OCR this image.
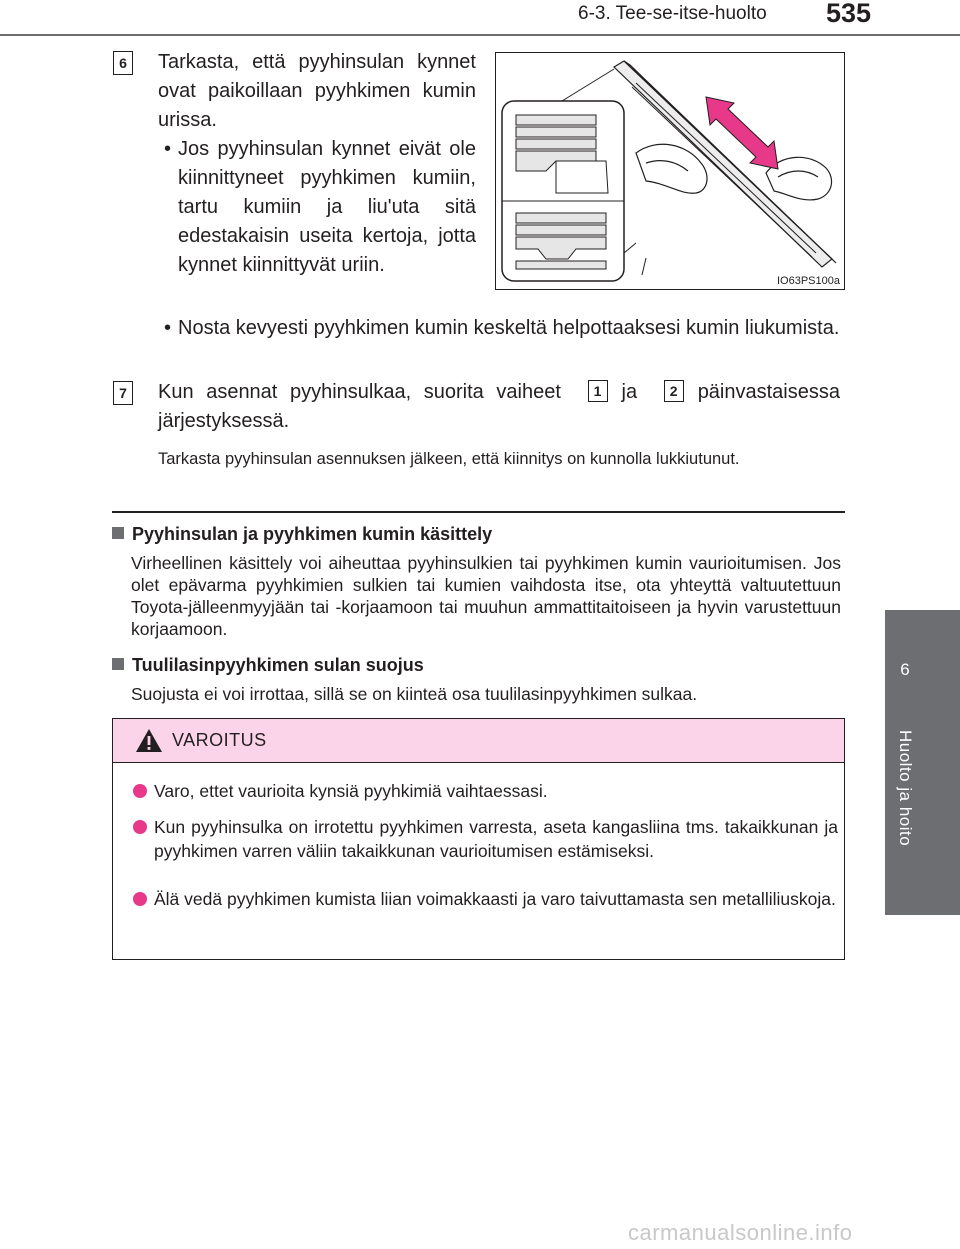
6-3. Tee-se-itse-huolto 535
6
Huolto ja hoito
6	Tarkasta, että pyyhinsulan kynnet ovat paikoillaan pyyhkimen kumin urissa.
• Jos pyyhinsulan kynnet eivät ole kiinnittyneet pyyhkimen kumiin, tartu kumiin ja liu'uta sitä edestakaisin useita kertoja, jotta kynnet kiinnittyvät uriin.
• Nosta kevyesti pyyhkimen kumin keskeltä helpottaaksesi kumin liukumista.
IO63PS100a
7	Kun asennat pyyhinsulkaa, suorita vaiheet 1 ja 2 päinvastaisessa järjestyksessä.
Tarkasta pyyhinsulan asennuksen jälkeen, että kiinnitys on kunnolla lukkiutunut.
Pyyhinsulan ja pyyhkimen kumin käsittely
Virheellinen käsittely voi aiheuttaa pyyhinsulkien tai pyyhkimen kumin vaurioitumisen. Jos olet epävarma pyyhkimien sulkien tai kumien vaihdosta itse, ota yhteyttä valtuutettuun Toyota-jälleenmyyjään tai -korjaamoon tai muuhun ammattitaitoiseen ja hyvin varustettuun korjaamoon.
Tuulilasinpyyhkimen sulan suojus
Suojusta ei voi irrottaa, sillä se on kiinteä osa tuulilasinpyyhkimen sulkaa.
VAROITUS
Varo, ettet vaurioita kynsiä pyyhkimiä vaihtaessasi.
Kun pyyhinsulka on irrotettu pyyhkimen varresta, aseta kangasliina tms. takaikkunan ja pyyhkimen varren väliin takaikkunan vaurioitumisen estämiseksi.
Älä vedä pyyhkimen kumista liian voimakkaasti ja varo taivuttamasta sen metalliliuskoja.
carmanualsonline.info
